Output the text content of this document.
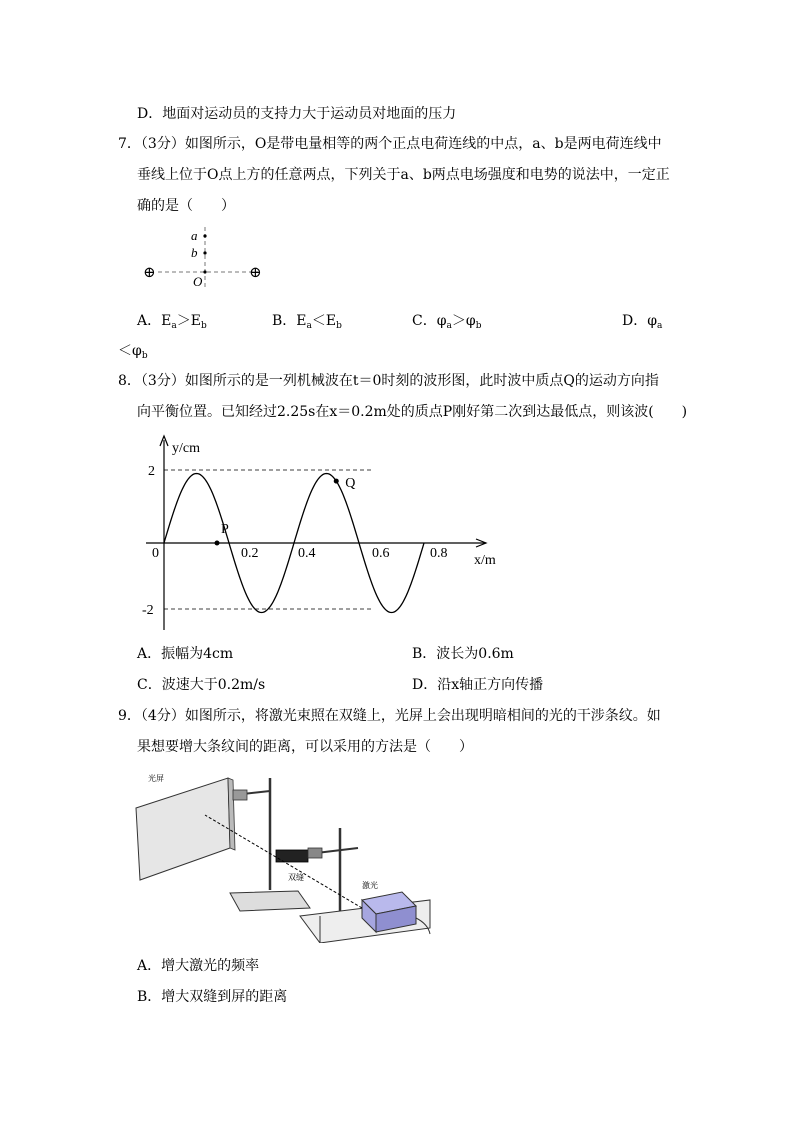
D．地面对运动员的支持力大于运动员对地面的压力
7．（3分）如图所示，O是带电量相等的两个正点电荷连线的中点，a、b是两电荷连线中
垂线上位于O点上方的任意两点，下列关于a、b两点电场强度和电势的说法中，一定正
确的是（　　）
a
b
O
⊕	⊕
A．$E_a>E_b$	B．$E_a<E_b$	C．$\varphi_a>\varphi_b$	D．$\varphi_a$
$<\varphi_b$
8．（3分）如图所示的是一列机械波在t＝0时刻的波形图，此时波中质点Q的运动方向指
向平衡位置。已知经过2.25s在x＝0.2m处的质点P刚好第二次到达最低点，则该波(　　)
y/cm
x/m
0
2
-2
0.2	0.4	0.6	0.8
P
Q
A．振幅为4cm	B．波长为0.6m
C．波速大于0.2m/s	D．沿x轴正方向传播
9．（4分）如图所示，将激光束照在双缝上，光屏上会出现明暗相间的光的干涉条纹。如
果想要增大条纹间的距离，可以采用的方法是（　　）
光屏
双缝
激光
A．增大激光的频率
B．增大双缝到屏的距离
